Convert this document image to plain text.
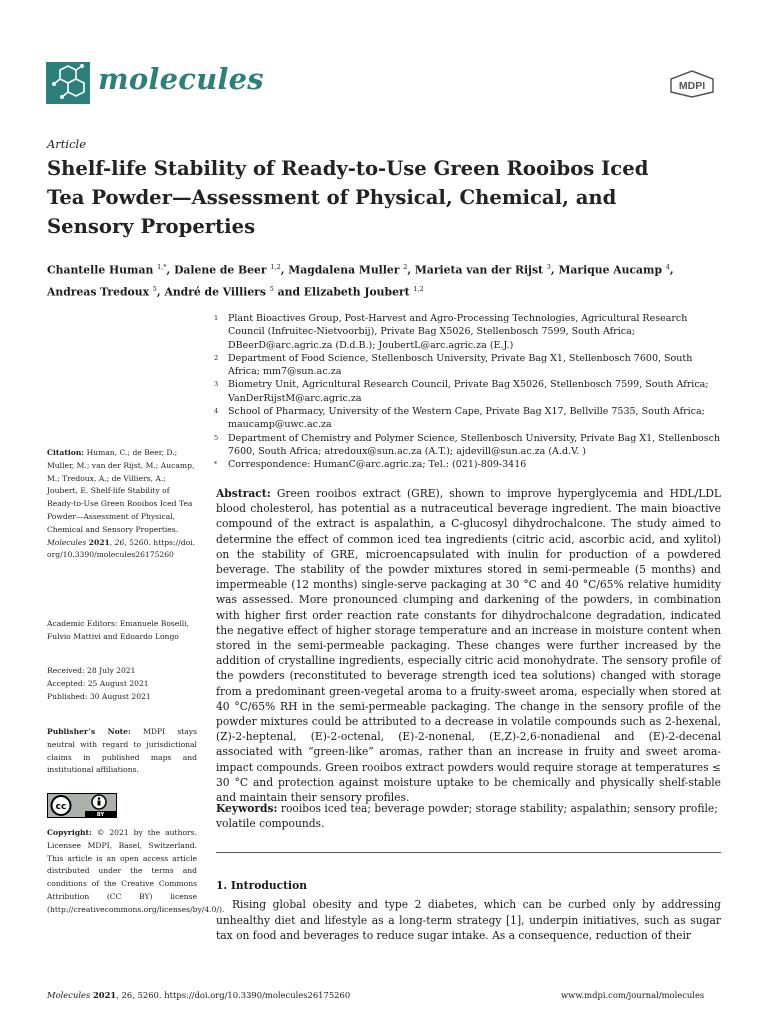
molecules	MDPI
Article
Shelf-life Stability of Ready-to-Use Green Rooibos Iced Tea Powder—Assessment of Physical, Chemical, and Sensory Properties
Chantelle Human $^{1,*}$, Dalene de Beer $^{1,2}$, Magdalena Muller $^2$, Marieta van der Rijst $^3$, Marique Aucamp $^4$,
Andreas Tredoux $^5$, André de Villiers $^5$ and Elizabeth Joubert $^{1,2}$
1 Plant Bioactives Group, Post-Harvest and Agro-Processing Technologies, Agricultural Research Council (Infruitec-Nietvoorbij), Private Bag X5026, Stellenbosch 7599, South Africa; DBeerD@arc.agric.za (D.d.B.); JoubertL@arc.agric.za (E.J.)
2 Department of Food Science, Stellenbosch University, Private Bag X1, Stellenbosch 7600, South Africa; mm7@sun.ac.za
3 Biometry Unit, Agricultural Research Council, Private Bag X5026, Stellenbosch 7599, South Africa; VanDerRijstM@arc.agric.za
4 School of Pharmacy, University of the Western Cape, Private Bag X17, Bellville 7535, South Africa; maucamp@uwc.ac.za
5 Department of Chemistry and Polymer Science, Stellenbosch University, Private Bag X1, Stellenbosch 7600, South Africa; atredoux@sun.ac.za (A.T.); ajdevill@sun.ac.za (A.d.V. )
* Correspondence: HumanC@arc.agric.za; Tel.: (021)-809-3416
Citation: Human, C.; de Beer, D.; Muller, M.; van der Rijst, M.; Aucamp, M.; Tredoux, A.; de Villiers, A.; Joubert, E. Shelf-life Stability of Ready-to-Use Green Rooibos Iced Tea Powder—Assessment of Physical, Chemical and Sensory Properties. Molecules 2021, 26, 5260. https://doi.org/10.3390/molecules26175260
Academic Editors: Emanuele Boselli, Fulvio Mattivi and Edoardo Longo
Received: 28 July 2021
Accepted: 25 August 2021
Published: 30 August 2021
Publisher’s Note: MDPI stays neutral with regard to jurisdictional claims in published maps and institutional affiliations.
cc
BY
Copyright: © 2021 by the authors. Licensee MDPI, Basel, Switzerland. This article is an open access article distributed under the terms and conditions of the Creative Commons Attribution (CC BY) license (http://creativecommons.org/licenses/by/4.0/).
Abstract: Green rooibos extract (GRE), shown to improve hyperglycemia and HDL/LDL blood cholesterol, has potential as a nutraceutical beverage ingredient. The main bioactive compound of the extract is aspalathin, a C-glucosyl dihydrochalcone. The study aimed to determine the effect of common iced tea ingredients (citric acid, ascorbic acid, and xylitol) on the stability of GRE, microencapsulated with inulin for production of a powdered beverage. The stability of the powder mixtures stored in semi-permeable (5 months) and impermeable (12 months) single-serve packaging at 30 °C and 40 °C/65% relative humidity was assessed. More pronounced clumping and darkening of the powders, in combination with higher first order reaction rate constants for dihydrochalcone degradation, indicated the negative effect of higher storage temperature and an increase in moisture content when stored in the semi-permeable packaging. These changes were further increased by the addition of crystalline ingredients, especially citric acid monohydrate. The sensory profile of the powders (reconstituted to beverage strength iced tea solutions) changed with storage from a predominant green-vegetal aroma to a fruity-sweet aroma, especially when stored at 40 °C/65% RH in the semi-permeable packaging. The change in the sensory profile of the powder mixtures could be attributed to a decrease in volatile compounds such as 2-hexenal, (Z)-2-heptenal, (E)-2-octenal, (E)-2-nonenal, (E,Z)-2,6-nonadienal and (E)-2-decenal associated with “green-like” aromas, rather than an increase in fruity and sweet aroma-impact compounds. Green rooibos extract powders would require storage at temperatures ≤ 30 °C and protection against moisture uptake to be chemically and physically shelf-stable and maintain their sensory profiles.
Keywords: rooibos iced tea; beverage powder; storage stability; aspalathin; sensory profile; volatile compounds.
1. Introduction
Rising global obesity and type 2 diabetes, which can be curbed only by addressing unhealthy diet and lifestyle as a long-term strategy [1], underpin initiatives, such as sugar tax on food and beverages to reduce sugar intake. As a consequence, reduction of their
Molecules 2021, 26, 5260. https://doi.org/10.3390/molecules26175260	www.mdpi.com/journal/molecules
